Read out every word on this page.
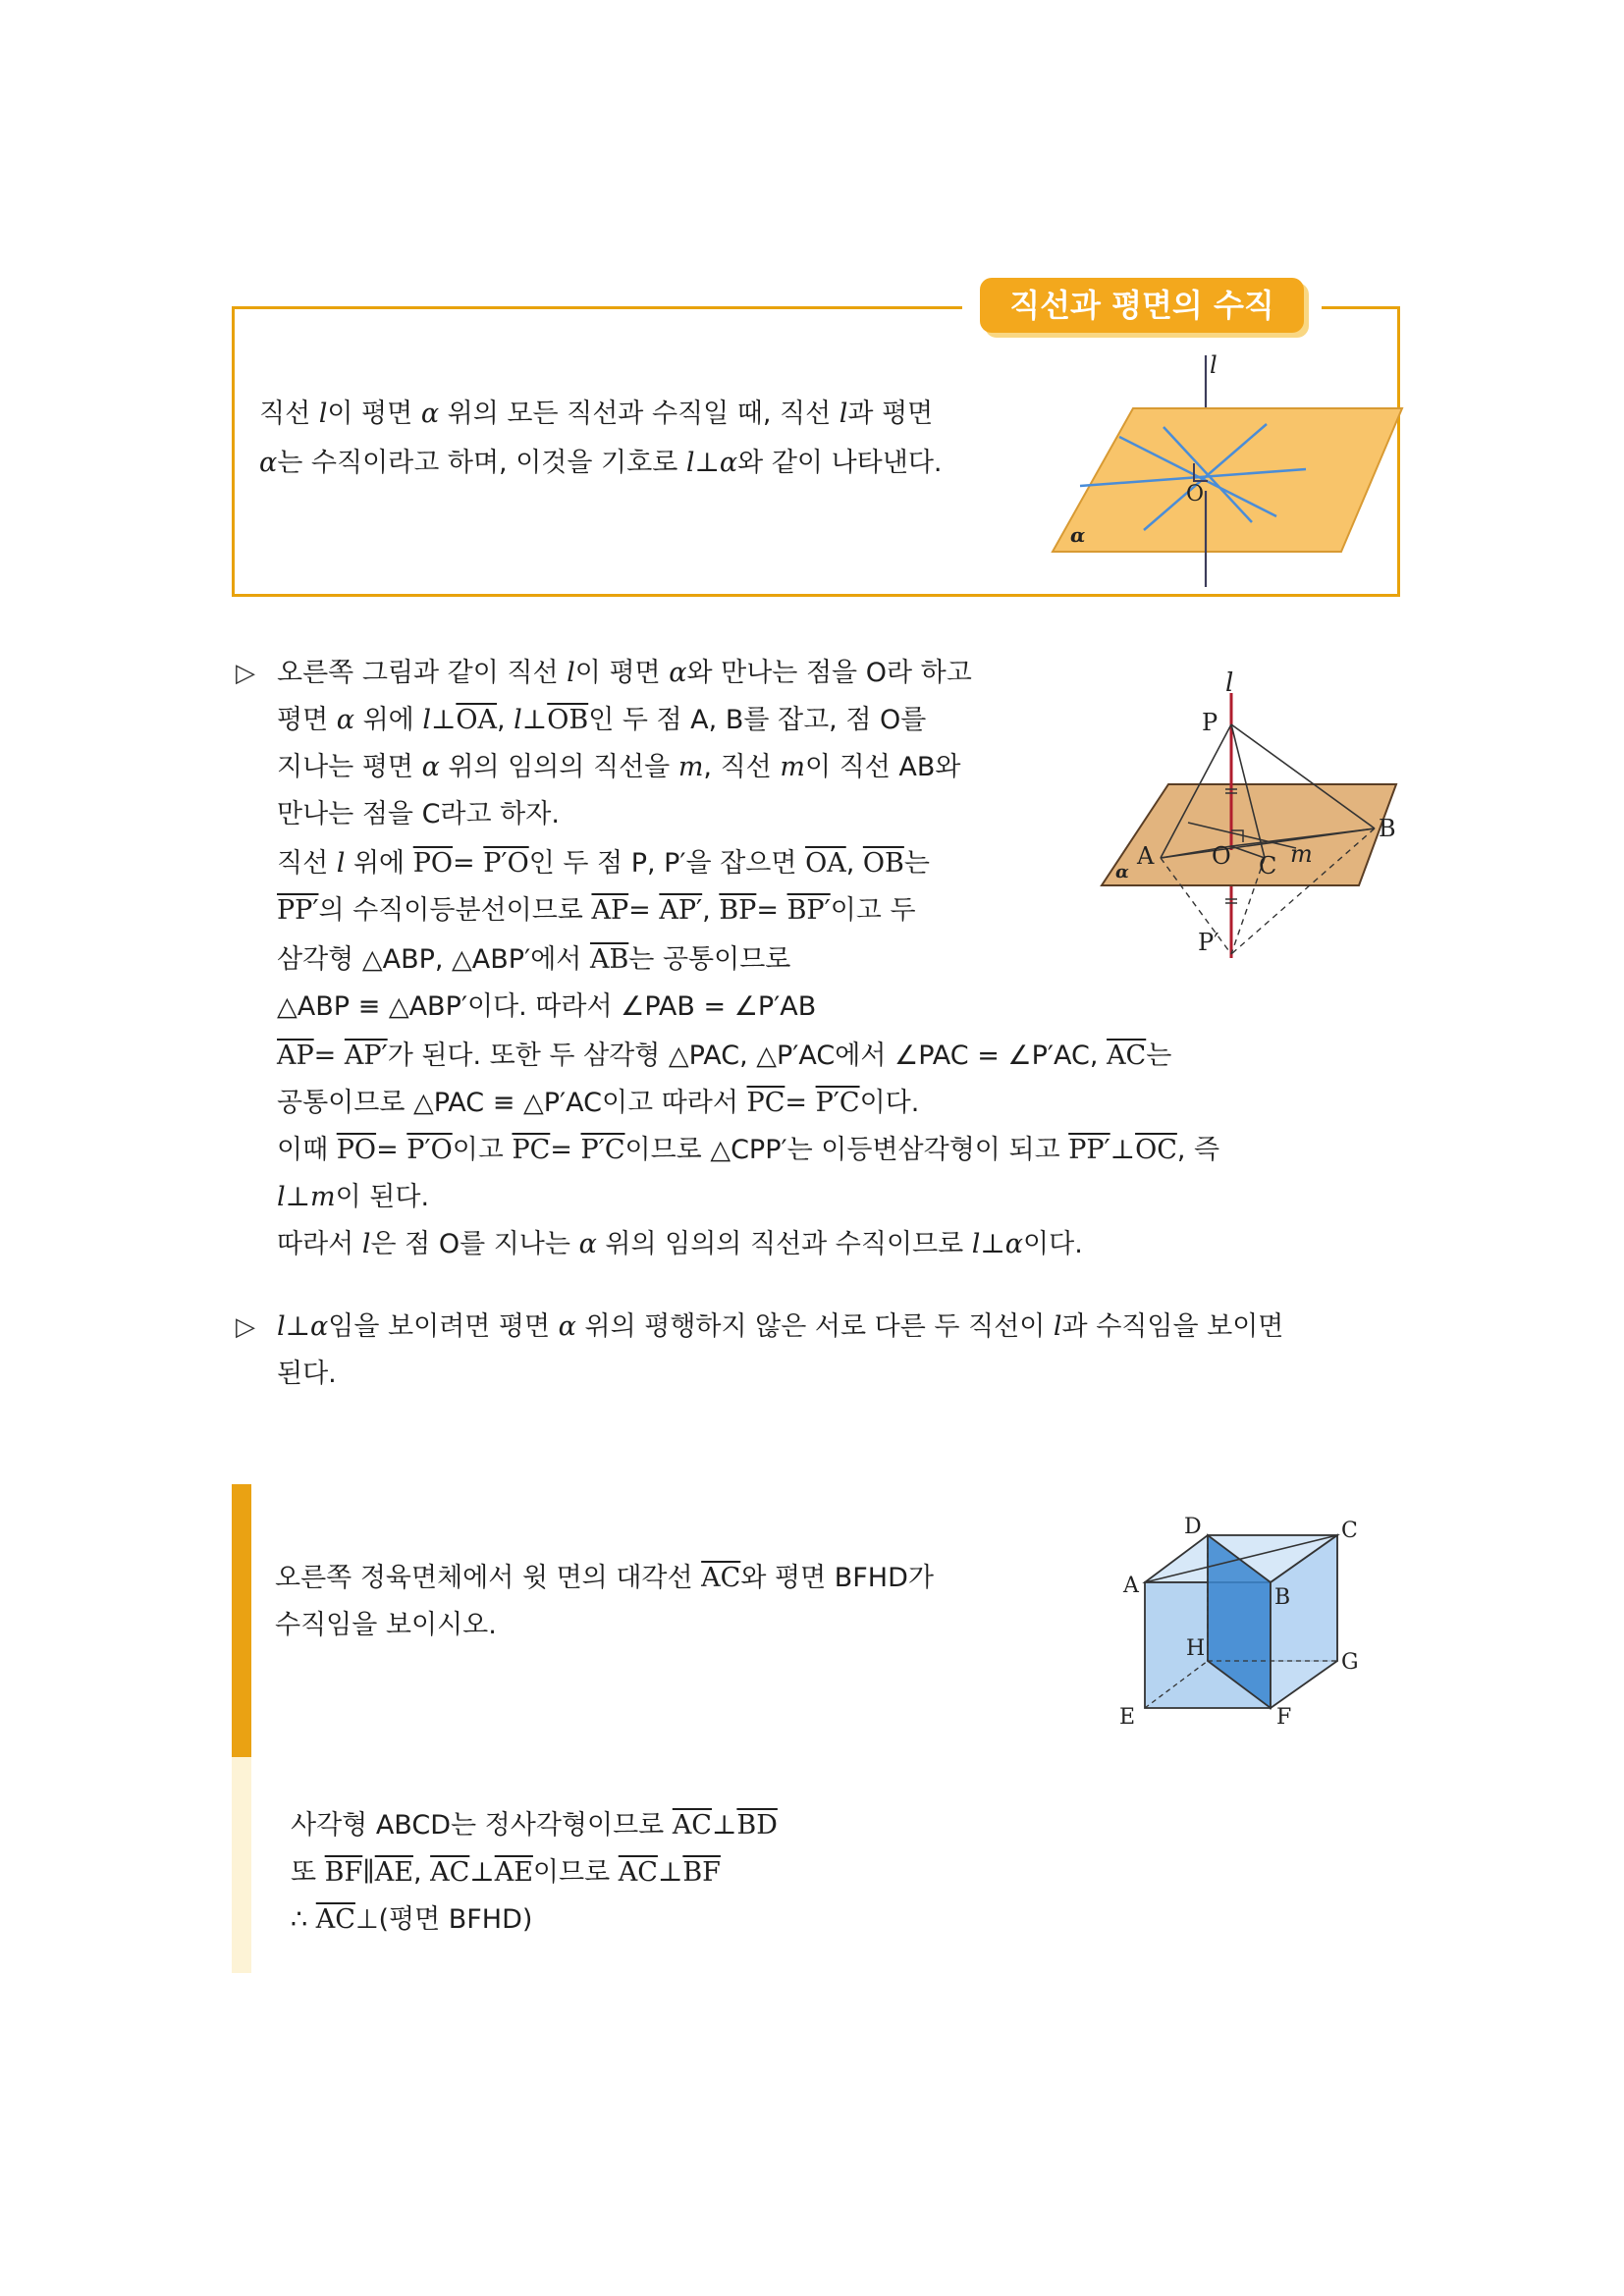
직선과 평면의 수직
직선 l이 평면 α 위의 모든 직선과 수직일 때, 직선 l과 평면
α는 수직이라고 하며, 이것을 기호로 l⊥α와 같이 나타낸다.
l
O
α
▷ 오른쪽 그림과 같이 직선 l이 평면 α와 만나는 점을 O라 하고
평면 α 위에 $l\perp\overline{OA}$, $l\perp\overline{OB}$인 두 점 A, B를 잡고, 점 O를
지나는 평면 α 위의 임의의 직선을 m, 직선 m이 직선 AB와
만나는 점을 C라고 하자.
직선 l 위에 $\overline{PO}= P'O$인 두 점 P, P′을 잡으면 $\overline{OA}$, $\overline{OB}$는
PP′의 수직이등분선이므로 $\overline{AP}= AP'$, $\overline{BP}= BP'$이고 두
삼각형 △ABP, △ABP′에서 $\overline{AB}$는 공통이므로
△ABP ≡ △ABP′이다. 따라서 ∠PAB = ∠P′AB
$\overline{AP}= AP'$가 된다. 또한 두 삼각형 △PAC, △P′AC에서 ∠PAC = ∠P′AC, $\overline{AC}$는
공통이므로 △PAC ≡ △P′AC이고 따라서 $\overline{PC}= P'C$이다.
이때 $\overline{PO}= P'O$이고 $\overline{PC}= P'C$이므로 △CPP′는 이등변삼각형이 되고 $PP'\perp\overline{OC}$, 즉
l⊥m이 된다.
따라서 l은 점 O를 지나는 α 위의 임의의 직선과 수직이므로 l⊥α이다.
l
P
A O C m
B
P′
α
▷ l⊥α임을 보이려면 평면 α 위의 평행하지 않은 서로 다른 두 직선이 l과 수직임을 보이면
된다.
오른쪽 정육면체에서 윗 면의 대각선 $\overline{AC}$와 평면 BFHD가
수직임을 보이시오.
A	B
C
D
E	F
G
H
사각형 ABCD는 정사각형이므로 $\overline{AC}\perp\overline{BD}$
또 $\overline{BF}\parallel\overline{AE}$, $\overline{AC}\perp\overline{AE}$이므로 $\overline{AC}\perp\overline{BF}$
∴ $\overline{AC}\perp$(평면 BFHD)
